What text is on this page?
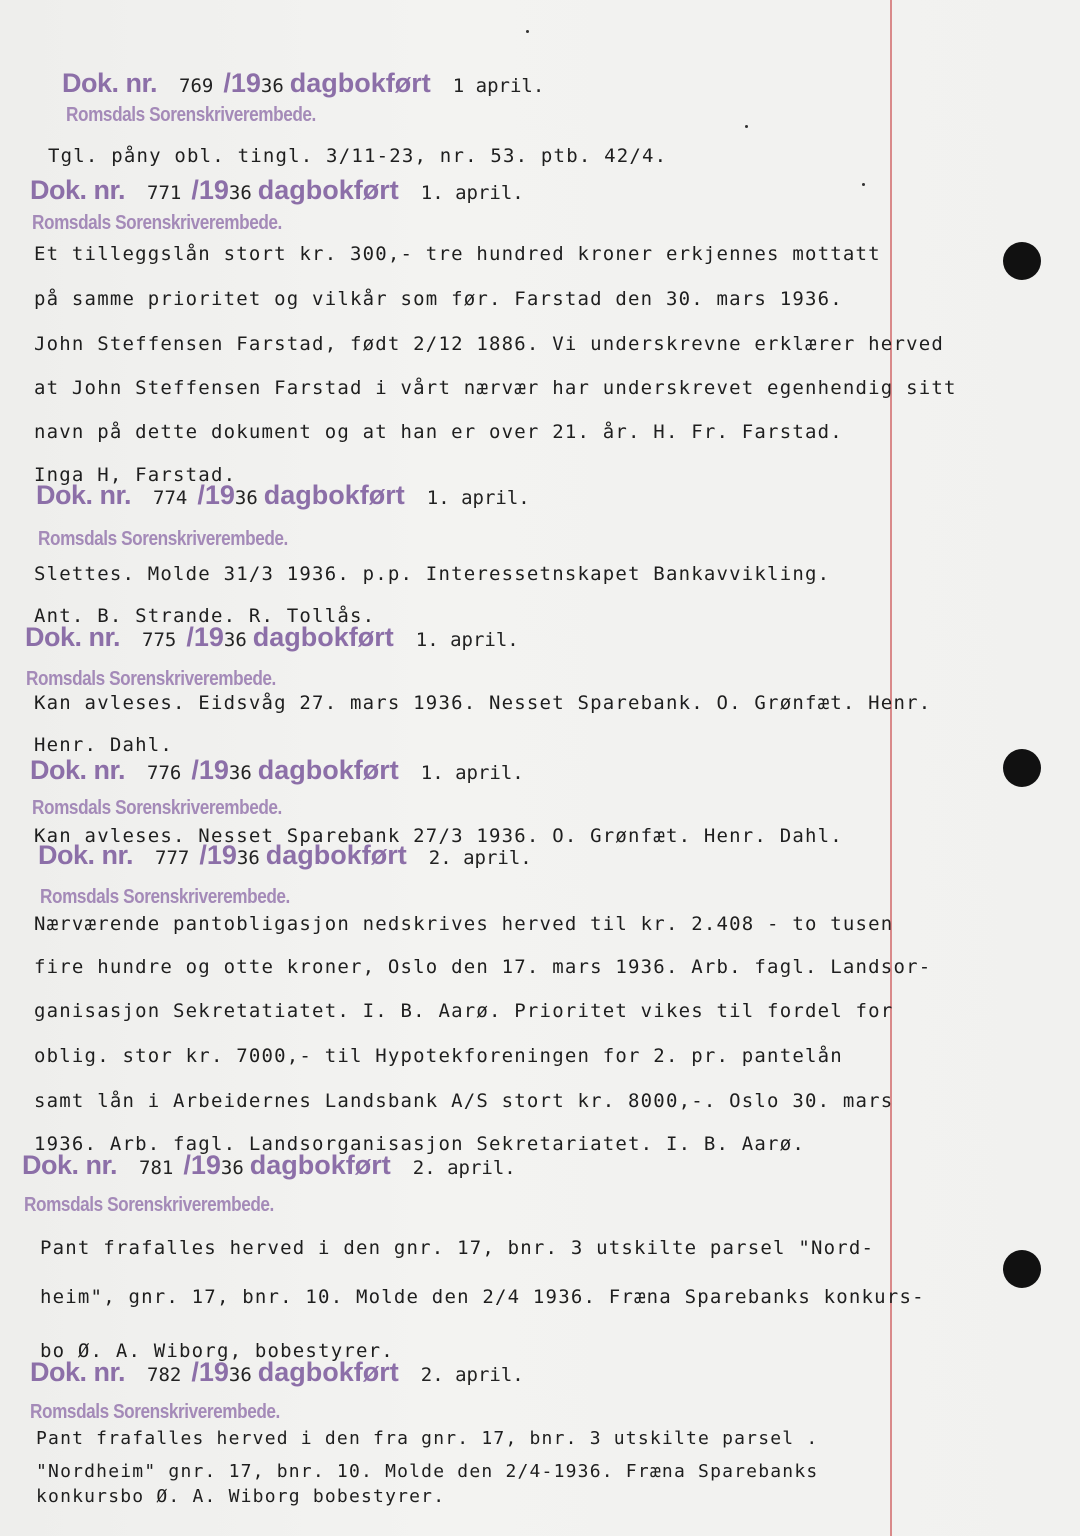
Dok. nr. 769 /1936 dagbokført 1 april.
Romsdals Sorenskriverembede.
Tgl. påny obl. tingl. 3/11-23, nr. 53. ptb. 42/4.
Dok. nr. 771 /1936 dagbokført 1. april.
Romsdals Sorenskriverembede.
Et tilleggslån stort kr. 300,- tre hundred kroner erkjennes mottatt
på samme prioritet og vilkår som før. Farstad den 30. mars 1936.
John Steffensen Farstad, født 2/12 1886. Vi underskrevne erklærer herved
at John Steffensen Farstad i vårt nærvær har underskrevet egenhendig sitt
navn på dette dokument og at han er over 21. år. H. Fr. Farstad.
Inga H, Farstad.
Dok. nr. 774 /1936 dagbokført 1. april.
Romsdals Sorenskriverembede.
Slettes. Molde 31/3 1936. p.p. Interessetnskapet Bankavvikling.
Ant. B. Strande. R. Tollås.
Dok. nr. 775 /1936 dagbokført 1. april.
Romsdals Sorenskriverembede.
Kan avleses. Eidsvåg 27. mars 1936. Nesset Sparebank. O. Grønfæt. Henr.
Henr. Dahl.
Dok. nr. 776 /1936 dagbokført 1. april.
Romsdals Sorenskriverembede.
Kan avleses. Nesset Sparebank 27/3 1936. O. Grønfæt. Henr. Dahl.
Dok. nr. 777 /1936 dagbokført 2. april.
Romsdals Sorenskriverembede.
Nærværende pantobligasjon nedskrives herved til kr. 2.408 - to tusen
fire hundre og otte kroner, Oslo den 17. mars 1936. Arb. fagl. Landsor-
ganisasjon Sekretatiatet. I. B. Aarø. Prioritet vikes til fordel for
oblig. stor kr. 7000,- til Hypotekforeningen for 2. pr. pantelån
samt lån i Arbeidernes Landsbank A/S stort kr. 8000,-. Oslo 30. mars
1936. Arb. fagl. Landsorganisasjon Sekretariatet. I. B. Aarø.
Dok. nr. 781 /1936 dagbokført 2. april.
Romsdals Sorenskriverembede.
Pant frafalles herved i den gnr. 17, bnr. 3 utskilte parsel "Nord-
heim", gnr. 17, bnr. 10. Molde den 2/4 1936. Fræna Sparebanks konkurs-
bo Ø. A. Wiborg, bobestyrer.
Dok. nr. 782 /1936 dagbokført 2. april.
Romsdals Sorenskriverembede.
Pant frafalles herved i den fra gnr. 17, bnr. 3 utskilte parsel .
"Nordheim" gnr. 17, bnr. 10. Molde den 2/4-1936. Fræna Sparebanks
konkursbo Ø. A. Wiborg bobestyrer.
